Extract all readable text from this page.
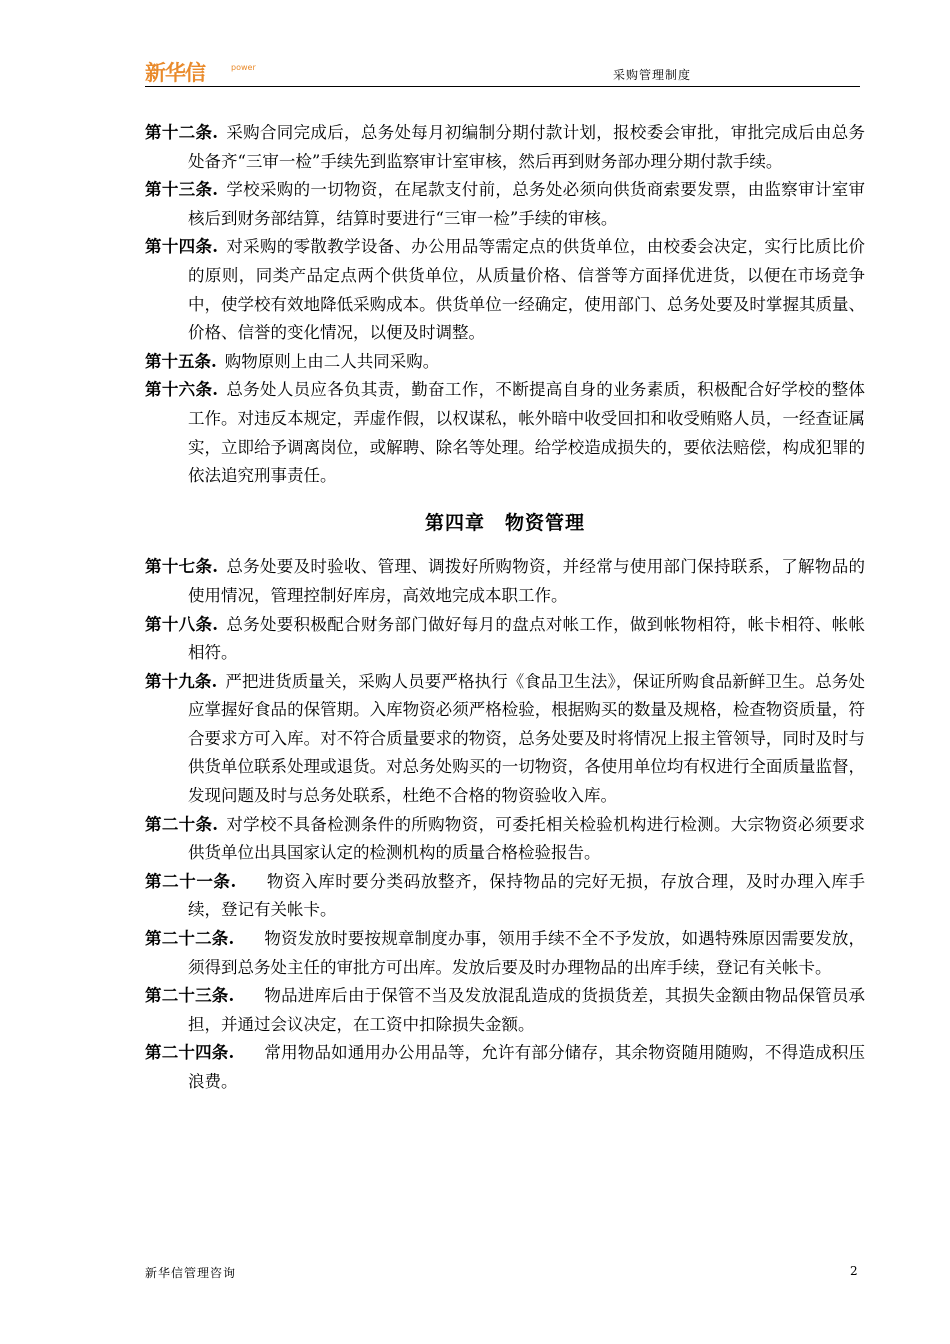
新华信	power
采购管理制度
第十二条. 采购合同完成后，总务处每月初编制分期付款计划，报校委会审批，审批完成后由总务处备齐“三审一检”手续先到监察审计室审核，然后再到财务部办理分期付款手续。
第十三条. 学校采购的一切物资，在尾款支付前，总务处必须向供货商索要发票，由监察审计室审核后到财务部结算，结算时要进行“三审一检”手续的审核。
第十四条. 对采购的零散教学设备、办公用品等需定点的供货单位，由校委会决定，实行比质比价的原则，同类产品定点两个供货单位，从质量价格、信誉等方面择优进货，以便在市场竞争中，使学校有效地降低采购成本。供货单位一经确定，使用部门、总务处要及时掌握其质量、价格、信誉的变化情况，以便及时调整。
第十五条. 购物原则上由二人共同采购。
第十六条. 总务处人员应各负其责，勤奋工作，不断提高自身的业务素质，积极配合好学校的整体工作。对违反本规定，弄虚作假，以权谋私，帐外暗中收受回扣和收受贿赂人员，一经查证属实，立即给予调离岗位，或解聘、除名等处理。给学校造成损失的，要依法赔偿，构成犯罪的依法追究刑事责任。
第四章　物资管理
第十七条. 总务处要及时验收、管理、调拨好所购物资，并经常与使用部门保持联系，了解物品的使用情况，管理控制好库房，高效地完成本职工作。
第十八条. 总务处要积极配合财务部门做好每月的盘点对帐工作，做到帐物相符，帐卡相符、帐帐相符。
第十九条. 严把进货质量关，采购人员要严格执行《食品卫生法》，保证所购食品新鲜卫生。总务处应掌握好食品的保管期。入库物资必须严格检验，根据购买的数量及规格，检查物资质量，符合要求方可入库。对不符合质量要求的物资，总务处要及时将情况上报主管领导，同时及时与供货单位联系处理或退货。对总务处购买的一切物资，各使用单位均有权进行全面质量监督，发现问题及时与总务处联系，杜绝不合格的物资验收入库。
第二十条. 对学校不具备检测条件的所购物资，可委托相关检验机构进行检测。大宗物资必须要求供货单位出具国家认定的检测机构的质量合格检验报告。
第二十一条. 物资入库时要分类码放整齐，保持物品的完好无损，存放合理，及时办理入库手续，登记有关帐卡。
第二十二条. 物资发放时要按规章制度办事，领用手续不全不予发放，如遇特殊原因需要发放，须得到总务处主任的审批方可出库。发放后要及时办理物品的出库手续，登记有关帐卡。
第二十三条. 物品进库后由于保管不当及发放混乱造成的货损货差，其损失金额由物品保管员承担，并通过会议决定，在工资中扣除损失金额。
第二十四条. 常用物品如通用办公用品等，允许有部分储存，其余物资随用随购，不得造成积压浪费。
新华信管理咨询	2
